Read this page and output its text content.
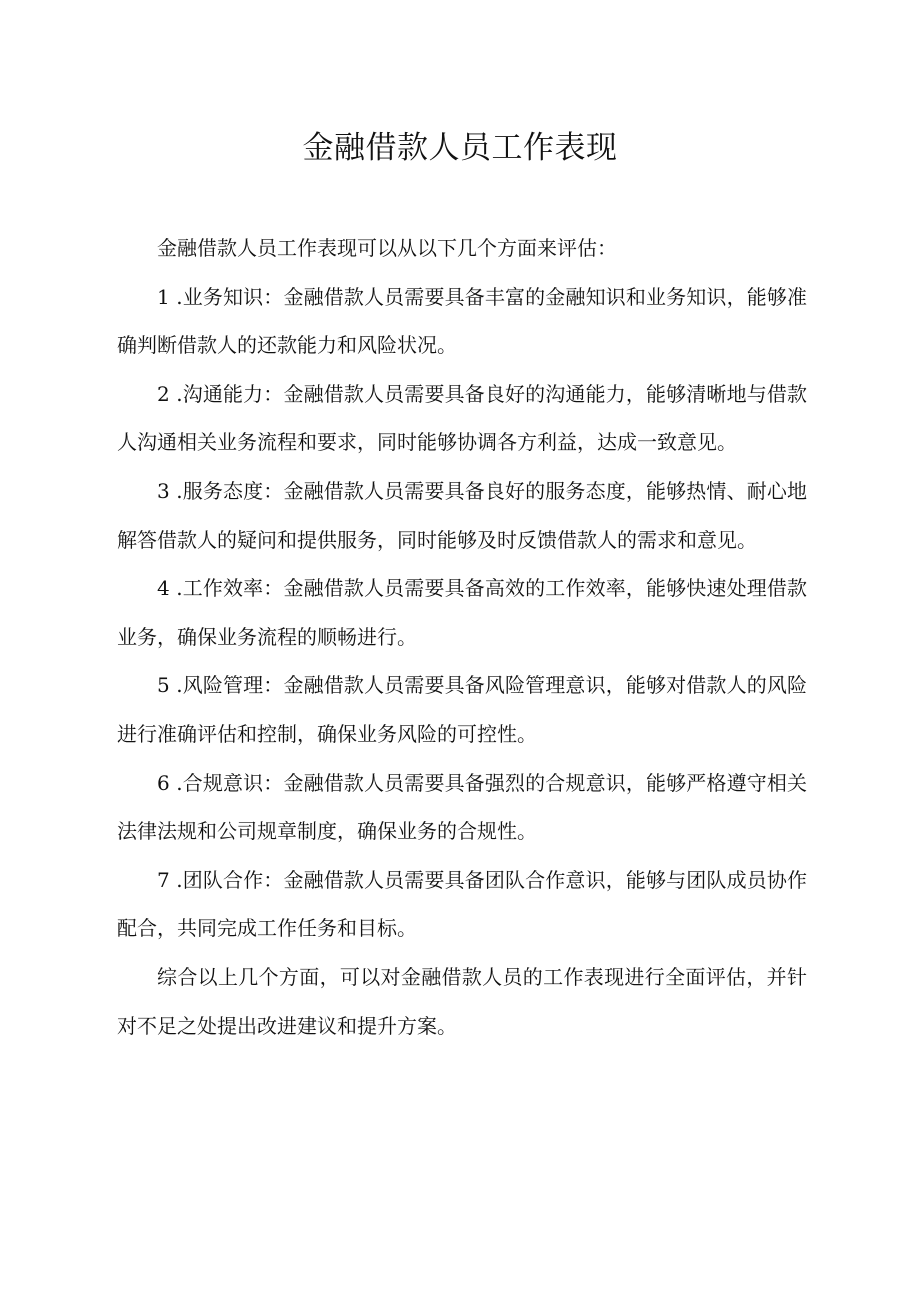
金融借款人员工作表现

金融借款人员工作表现可以从以下几个方面来评估：

1 .业务知识：金融借款人员需要具备丰富的金融知识和业务知识，能够准确判断借款人的还款能力和风险状况。

2 .沟通能力：金融借款人员需要具备良好的沟通能力，能够清晰地与借款人沟通相关业务流程和要求，同时能够协调各方利益，达成一致意见。

3 .服务态度：金融借款人员需要具备良好的服务态度，能够热情、耐心地解答借款人的疑问和提供服务，同时能够及时反馈借款人的需求和意见。

4 .工作效率：金融借款人员需要具备高效的工作效率，能够快速处理借款业务，确保业务流程的顺畅进行。

5 .风险管理：金融借款人员需要具备风险管理意识，能够对借款人的风险进行准确评估和控制，确保业务风险的可控性。

6 .合规意识：金融借款人员需要具备强烈的合规意识，能够严格遵守相关法律法规和公司规章制度，确保业务的合规性。

7 .团队合作：金融借款人员需要具备团队合作意识，能够与团队成员协作配合，共同完成工作任务和目标。

综合以上几个方面，可以对金融借款人员的工作表现进行全面评估，并针对不足之处提出改进建议和提升方案。
